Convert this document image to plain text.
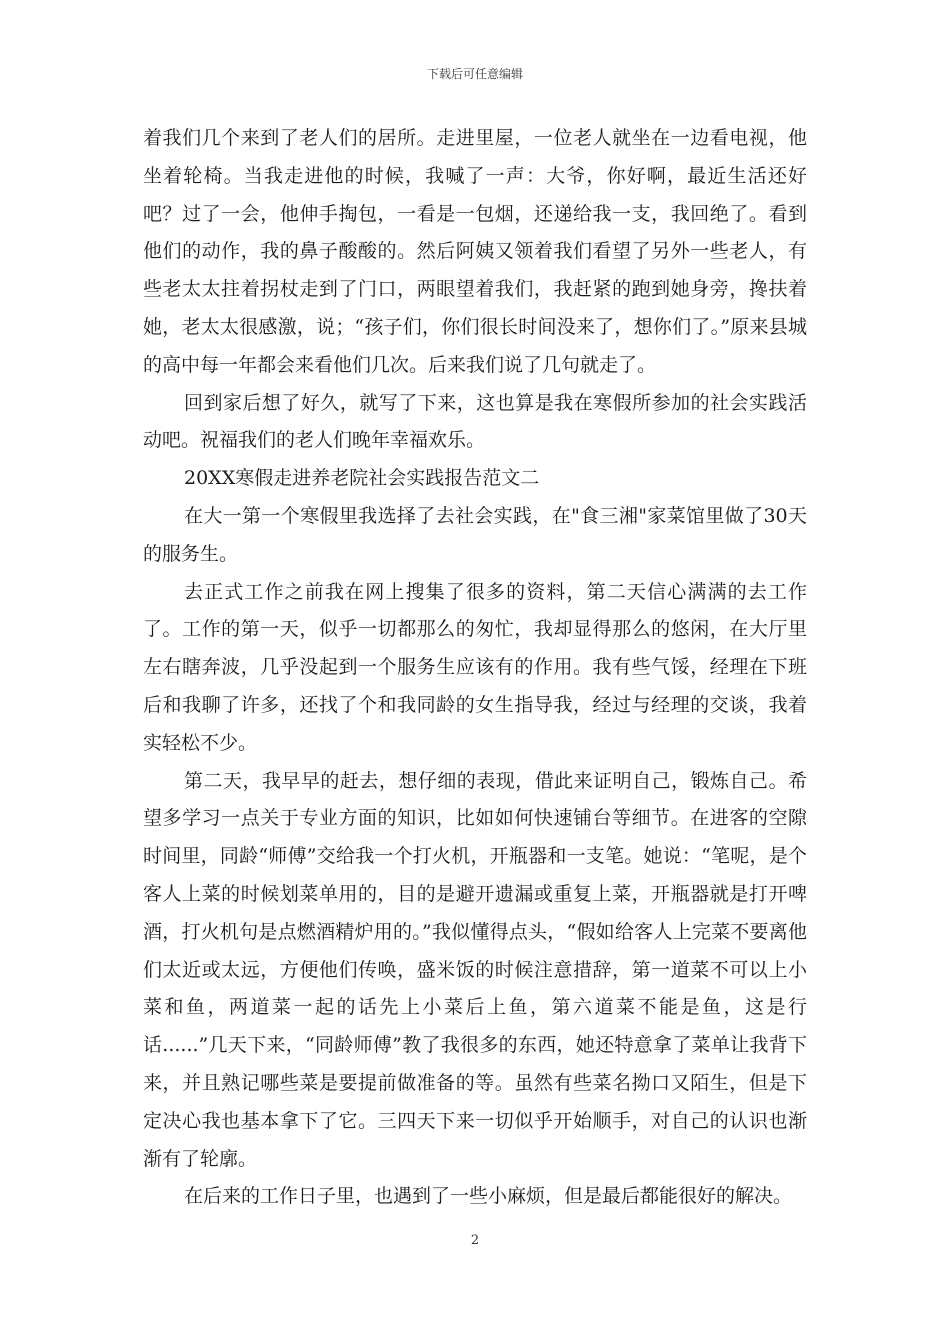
下载后可任意编辑

着我们几个来到了老人们的居所。走进里屋，一位老人就坐在一边看电视，他坐着轮椅。当我走进他的时候，我喊了一声：大爷，你好啊，最近生活还好吧？过了一会，他伸手掏包，一看是一包烟，还递给我一支，我回绝了。看到他们的动作，我的鼻子酸酸的。然后阿姨又领着我们看望了另外一些老人，有些老太太拄着拐杖走到了门口，两眼望着我们，我赶紧的跑到她身旁，搀扶着她，老太太很感激，说；“孩子们，你们很长时间没来了，想你们了。”原来县城的高中每一年都会来看他们几次。后来我们说了几句就走了。

回到家后想了好久，就写了下来，这也算是我在寒假所参加的社会实践活动吧。祝福我们的老人们晚年幸福欢乐。

20XX寒假走进养老院社会实践报告范文二

在大一第一个寒假里我选择了去社会实践，在"食三湘"家菜馆里做了30天的服务生。

去正式工作之前我在网上搜集了很多的资料，第二天信心满满的去工作了。工作的第一天，似乎一切都那么的匆忙，我却显得那么的悠闲，在大厅里左右瞎奔波，几乎没起到一个服务生应该有的作用。我有些气馁，经理在下班后和我聊了许多，还找了个和我同龄的女生指导我，经过与经理的交谈，我着实轻松不少。

第二天，我早早的赶去，想仔细的表现，借此来证明自己，锻炼自己。希望多学习一点关于专业方面的知识，比如如何快速铺台等细节。在进客的空隙时间里，同龄“师傅”交给我一个打火机，开瓶器和一支笔。她说：“笔呢，是个客人上菜的时候划菜单用的，目的是避开遗漏或重复上菜，开瓶器就是打开啤酒，打火机句是点燃酒精炉用的。”我似懂得点头，“假如给客人上完菜不要离他们太近或太远，方便他们传唤，盛米饭的时候注意措辞，第一道菜不可以上小菜和鱼，两道菜一起的话先上小菜后上鱼，第六道菜不能是鱼，这是行话......”几天下来，“同龄师傅”教了我很多的东西，她还特意拿了菜单让我背下来，并且熟记哪些菜是要提前做准备的等。虽然有些菜名拗口又陌生，但是下定决心我也基本拿下了它。三四天下来一切似乎开始顺手，对自己的认识也渐渐有了轮廓。

在后来的工作日子里，也遇到了一些小麻烦，但是最后都能很好的解决。

2
